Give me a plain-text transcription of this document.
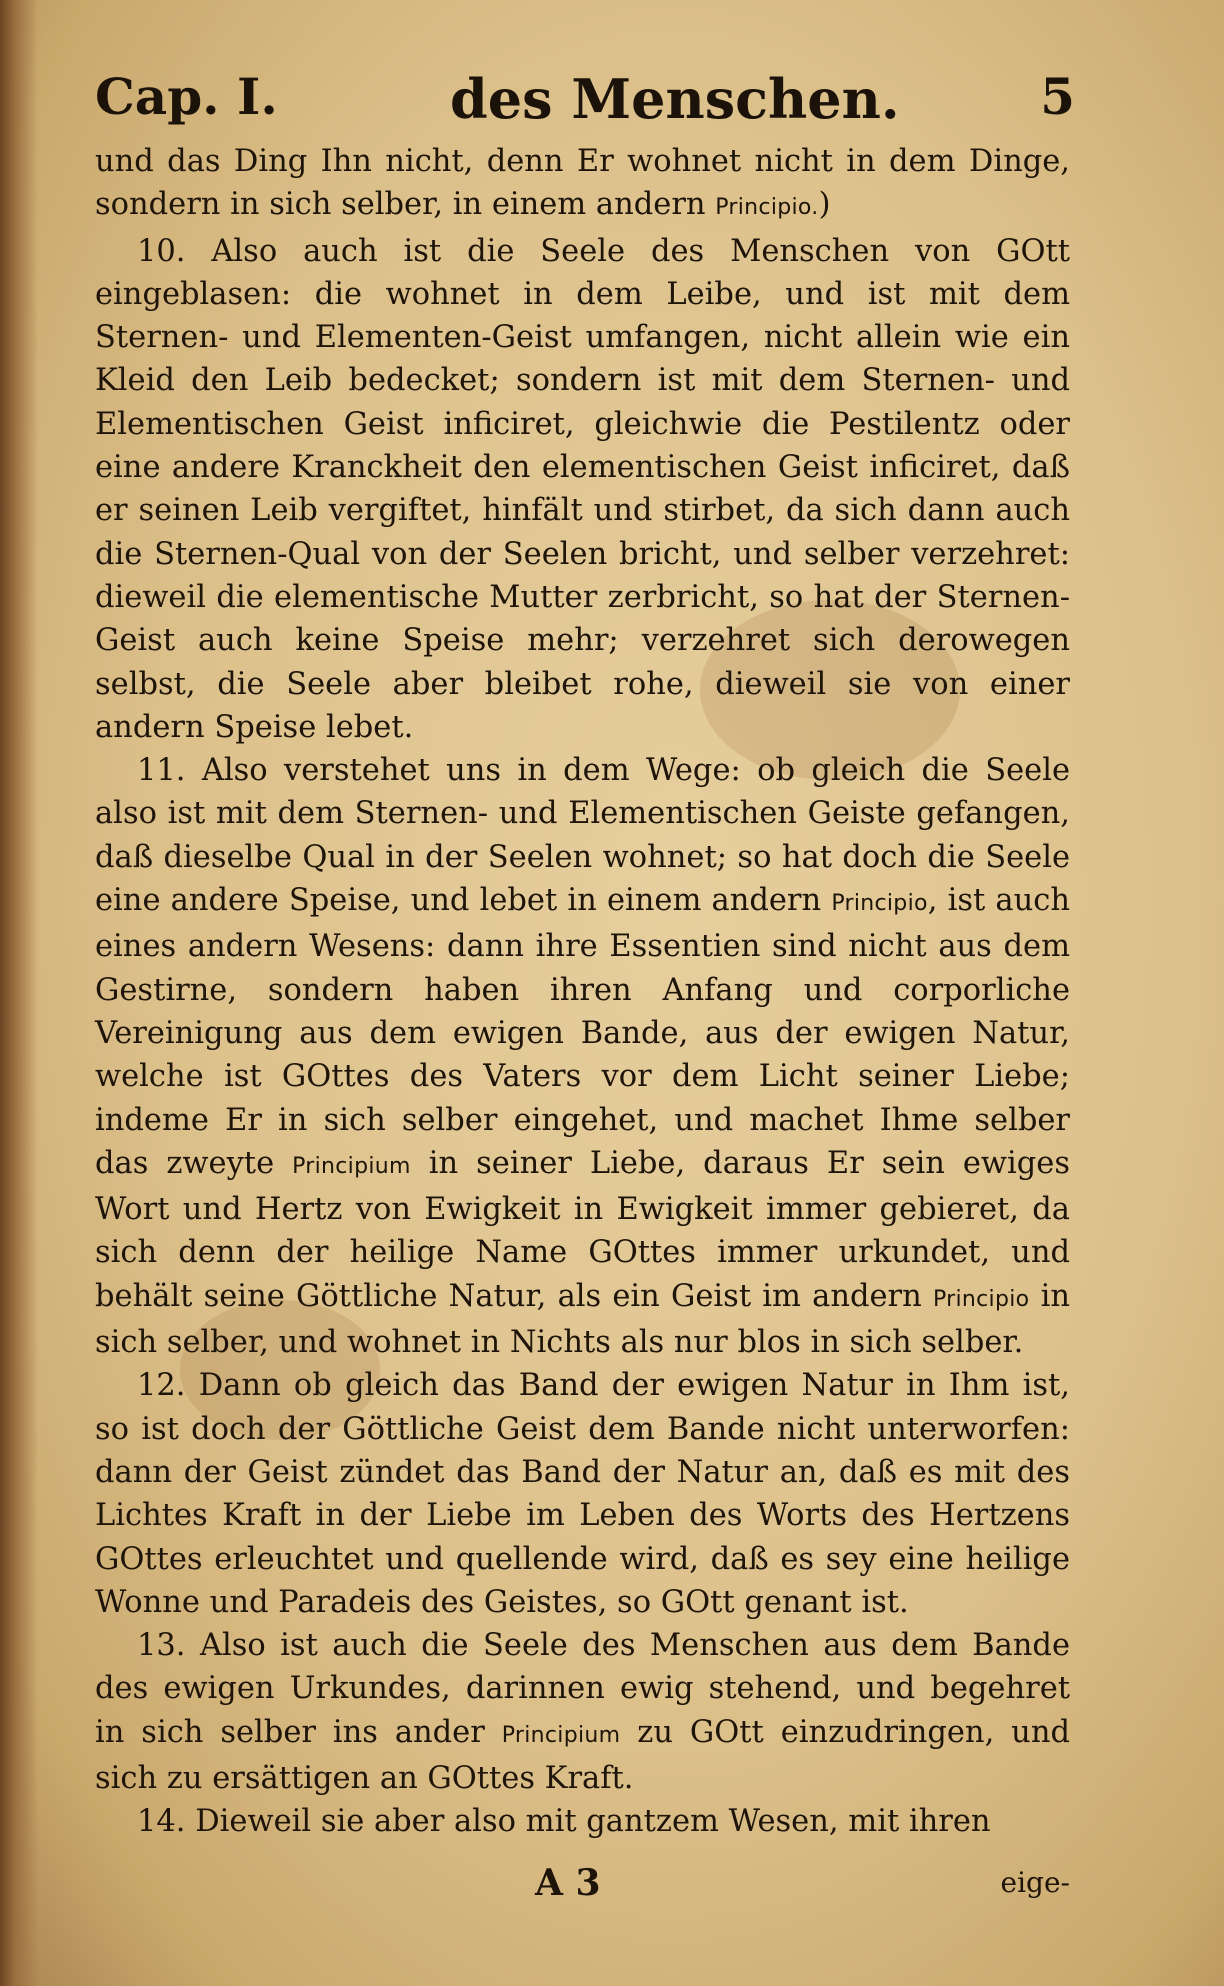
Cap. I.	des Menschen.	5

und das Ding Ihn nicht, denn Er wohnet nicht in dem Dinge, sondern in sich selber, in einem andern Principio.)

10. Also auch ist die Seele des Menschen von GOtt eingeblasen: die wohnet in dem Leibe, und ist mit dem Sternen- und Elementen-Geist umfangen, nicht allein wie ein Kleid den Leib bedecket; sondern ist mit dem Sternen- und Elementischen Geist inficiret, gleichwie die Pestilentz oder eine andere Kranckheit den elementischen Geist inficiret, daß er seinen Leib vergiftet, hinfält und stirbet, da sich dann auch die Sternen-Qual von der Seelen bricht, und selber verzehret: dieweil die elementische Mutter zerbricht, so hat der Sternen-Geist auch keine Speise mehr; verzehret sich derowegen selbst, die Seele aber bleibet rohe, dieweil sie von einer andern Speise lebet.

11. Also verstehet uns in dem Wege: ob gleich die Seele also ist mit dem Sternen- und Elementischen Geiste gefangen, daß dieselbe Qual in der Seelen wohnet; so hat doch die Seele eine andere Speise, und lebet in einem andern Principio, ist auch eines andern Wesens: dann ihre Essentien sind nicht aus dem Gestirne, sondern haben ihren Anfang und corporliche Vereinigung aus dem ewigen Bande, aus der ewigen Natur, welche ist GOttes des Vaters vor dem Licht seiner Liebe; indeme Er in sich selber eingehet, und machet Ihme selber das zweyte Principium in seiner Liebe, daraus Er sein ewiges Wort und Hertz von Ewigkeit in Ewigkeit immer gebieret, da sich denn der heilige Name GOttes immer urkundet, und behält seine Göttliche Natur, als ein Geist im andern Principio in sich selber, und wohnet in Nichts als nur blos in sich selber.

12. Dann ob gleich das Band der ewigen Natur in Ihm ist, so ist doch der Göttliche Geist dem Bande nicht unterworfen: dann der Geist zündet das Band der Natur an, daß es mit des Lichtes Kraft in der Liebe im Leben des Worts des Hertzens GOttes erleuchtet und quellende wird, daß es sey eine heilige Wonne und Paradeis des Geistes, so GOtt genant ist.

13. Also ist auch die Seele des Menschen aus dem Bande des ewigen Urkundes, darinnen ewig stehend, und begehret in sich selber ins ander Principium zu GOtt einzudringen, und sich zu ersättigen an GOttes Kraft.

14. Dieweil sie aber also mit gantzem Wesen, mit ihren

A 3	eige-
